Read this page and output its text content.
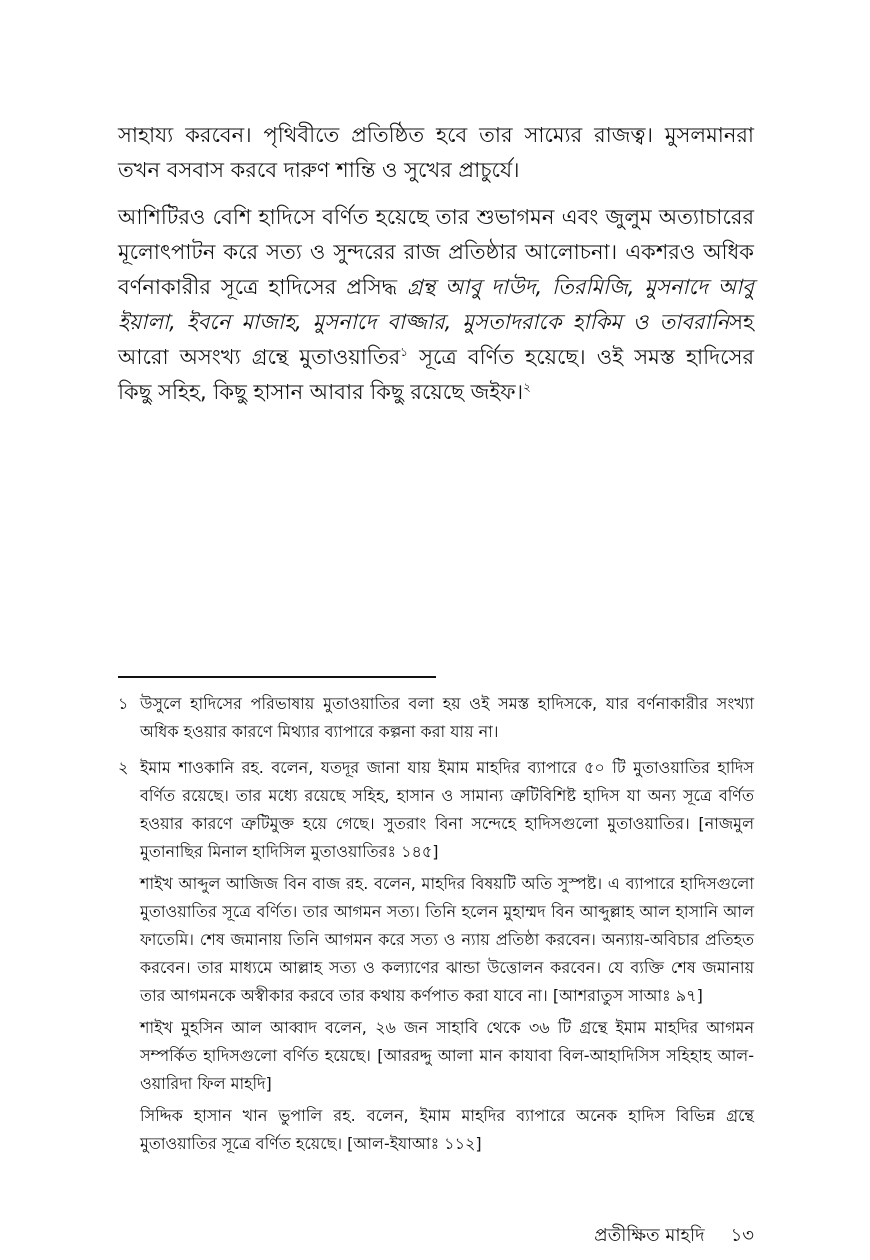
সাহায্য করবেন। পৃথিবীতে প্রতিষ্ঠিত হবে তার সাম্যের রাজত্ব। মুসলমানরা তখন বসবাস করবে দারুণ শান্তি ও সুখের প্রাচুর্যে।

আশিটিরও বেশি হাদিসে বর্ণিত হয়েছে তার শুভাগমন এবং জুলুম অত্যাচারের মূলোৎপাটন করে সত্য ও সুন্দরের রাজ প্রতিষ্ঠার আলোচনা। একশরও অধিক বর্ণনাকারীর সূত্রে হাদিসের প্রসিদ্ধ গ্রন্থ আবু দাউদ, তিরমিজি, মুসনাদে আবু ইয়ালা, ইবনে মাজাহ, মুসনাদে বাজ্জার, মুসতাদরাকে হাকিম ও তাবরানিসহ আরো অসংখ্য গ্রন্থে মুতাওয়াতির$^১$ সূত্রে বর্ণিত হয়েছে। ওই সমস্ত হাদিসের কিছু সহিহ, কিছু হাসান আবার কিছু রয়েছে জইফ।$^২$

১ উসুলে হাদিসের পরিভাষায় মুতাওয়াতির বলা হয় ওই সমস্ত হাদিসকে, যার বর্ণনাকারীর সংখ্যা অধিক হওয়ার কারণে মিথ্যার ব্যাপারে কল্পনা করা যায় না।

২ ইমাম শাওকানি রহ. বলেন, যতদূর জানা যায় ইমাম মাহদির ব্যাপারে ৫০ টি মুতাওয়াতির হাদিস বর্ণিত রয়েছে। তার মধ্যে রয়েছে সহিহ, হাসান ও সামান্য ত্রুটিবিশিষ্ট হাদিস যা অন্য সূত্রে বর্ণিত হওয়ার কারণে ত্রুটিমুক্ত হয়ে গেছে। সুতরাং বিনা সন্দেহে হাদিসগুলো মুতাওয়াতির। [নাজমুল মুতানাছির মিনাল হাদিসিল মুতাওয়াতিরঃ ১৪৫]

শাইখ আব্দুল আজিজ বিন বাজ রহ. বলেন, মাহদির বিষয়টি অতি সুস্পষ্ট। এ ব্যাপারে হাদিসগুলো মুতাওয়াতির সূত্রে বর্ণিত। তার আগমন সত্য। তিনি হলেন মুহাম্মদ বিন আব্দুল্লাহ আল হাসানি আল ফাতেমি। শেষ জমানায় তিনি আগমন করে সত্য ও ন্যায় প্রতিষ্ঠা করবেন। অন্যায়-অবিচার প্রতিহত করবেন। তার মাধ্যমে আল্লাহ সত্য ও কল্যাণের ঝান্ডা উত্তোলন করবেন। যে ব্যক্তি শেষ জমানায় তার আগমনকে অস্বীকার করবে তার কথায় কর্ণপাত করা যাবে না। [আশরাতুস সাআঃ ৯৭]

শাইখ মুহসিন আল আব্বাদ বলেন, ২৬ জন সাহাবি থেকে ৩৬ টি গ্রন্থে ইমাম মাহদির আগমন সম্পর্কিত হাদিসগুলো বর্ণিত হয়েছে। [আররদ্দু আলা মান কাযাবা বিল-আহাদিসিস সহিহাহ আল-ওয়ারিদা ফিল মাহদি]

সিদ্দিক হাসান খান ভুপালি রহ. বলেন, ইমাম মাহদির ব্যাপারে অনেক হাদিস বিভিন্ন গ্রন্থে মুতাওয়াতির সূত্রে বর্ণিত হয়েছে। [আল-ইযাআঃ ১১২]

প্রতীক্ষিত মাহদি ১৩
